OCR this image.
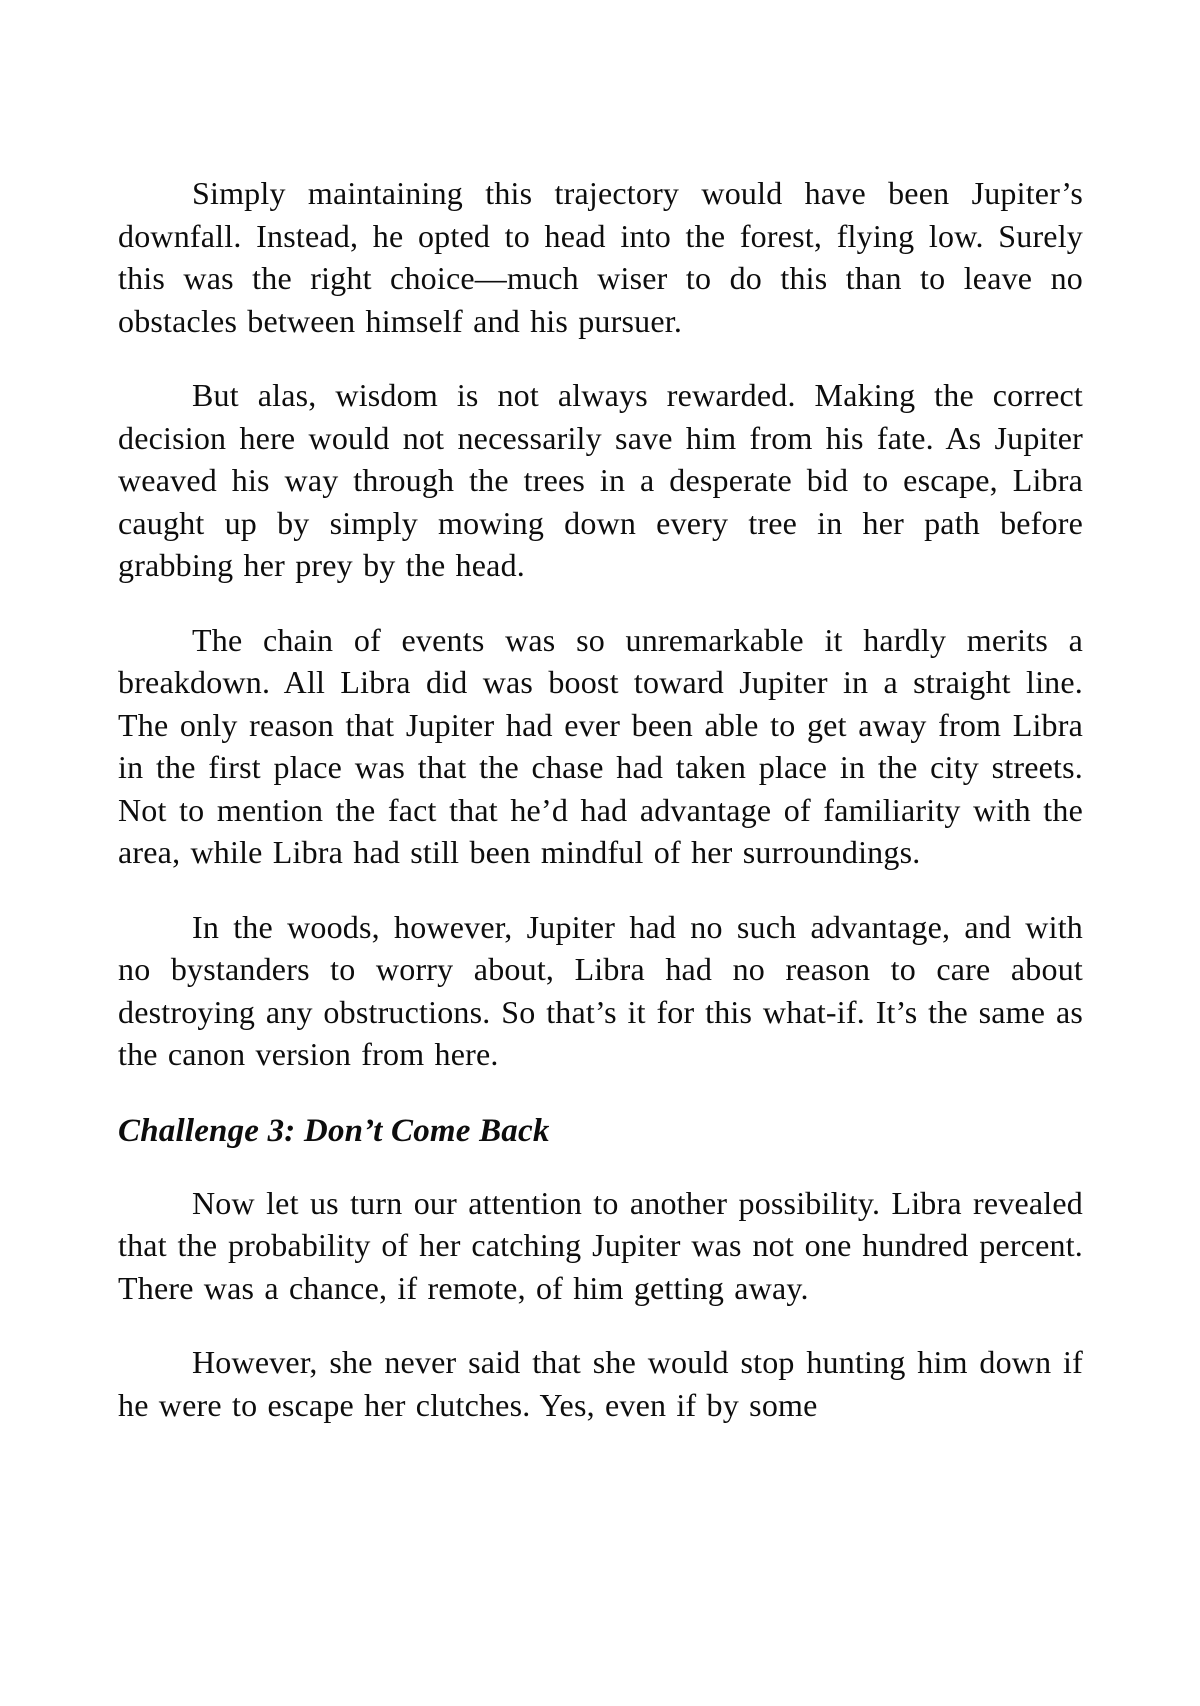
Simply maintaining this trajectory would have been Jupiter’s downfall. Instead, he opted to head into the forest, flying low. Surely this was the right choice—much wiser to do this than to leave no obstacles between himself and his pursuer.

But alas, wisdom is not always rewarded. Making the correct decision here would not necessarily save him from his fate. As Jupiter weaved his way through the trees in a desperate bid to escape, Libra caught up by simply mowing down every tree in her path before grabbing her prey by the head.

The chain of events was so unremarkable it hardly merits a breakdown. All Libra did was boost toward Jupiter in a straight line. The only reason that Jupiter had ever been able to get away from Libra in the first place was that the chase had taken place in the city streets. Not to mention the fact that he’d had advantage of familiarity with the area, while Libra had still been mindful of her surroundings.

In the woods, however, Jupiter had no such advantage, and with no bystanders to worry about, Libra had no reason to care about destroying any obstructions. So that’s it for this what-if. It’s the same as the canon version from here.

Challenge 3: Don’t Come Back

Now let us turn our attention to another possibility. Libra revealed that the probability of her catching Jupiter was not one hundred percent. There was a chance, if remote, of him getting away.

However, she never said that she would stop hunting him down if he were to escape her clutches. Yes, even if by some
